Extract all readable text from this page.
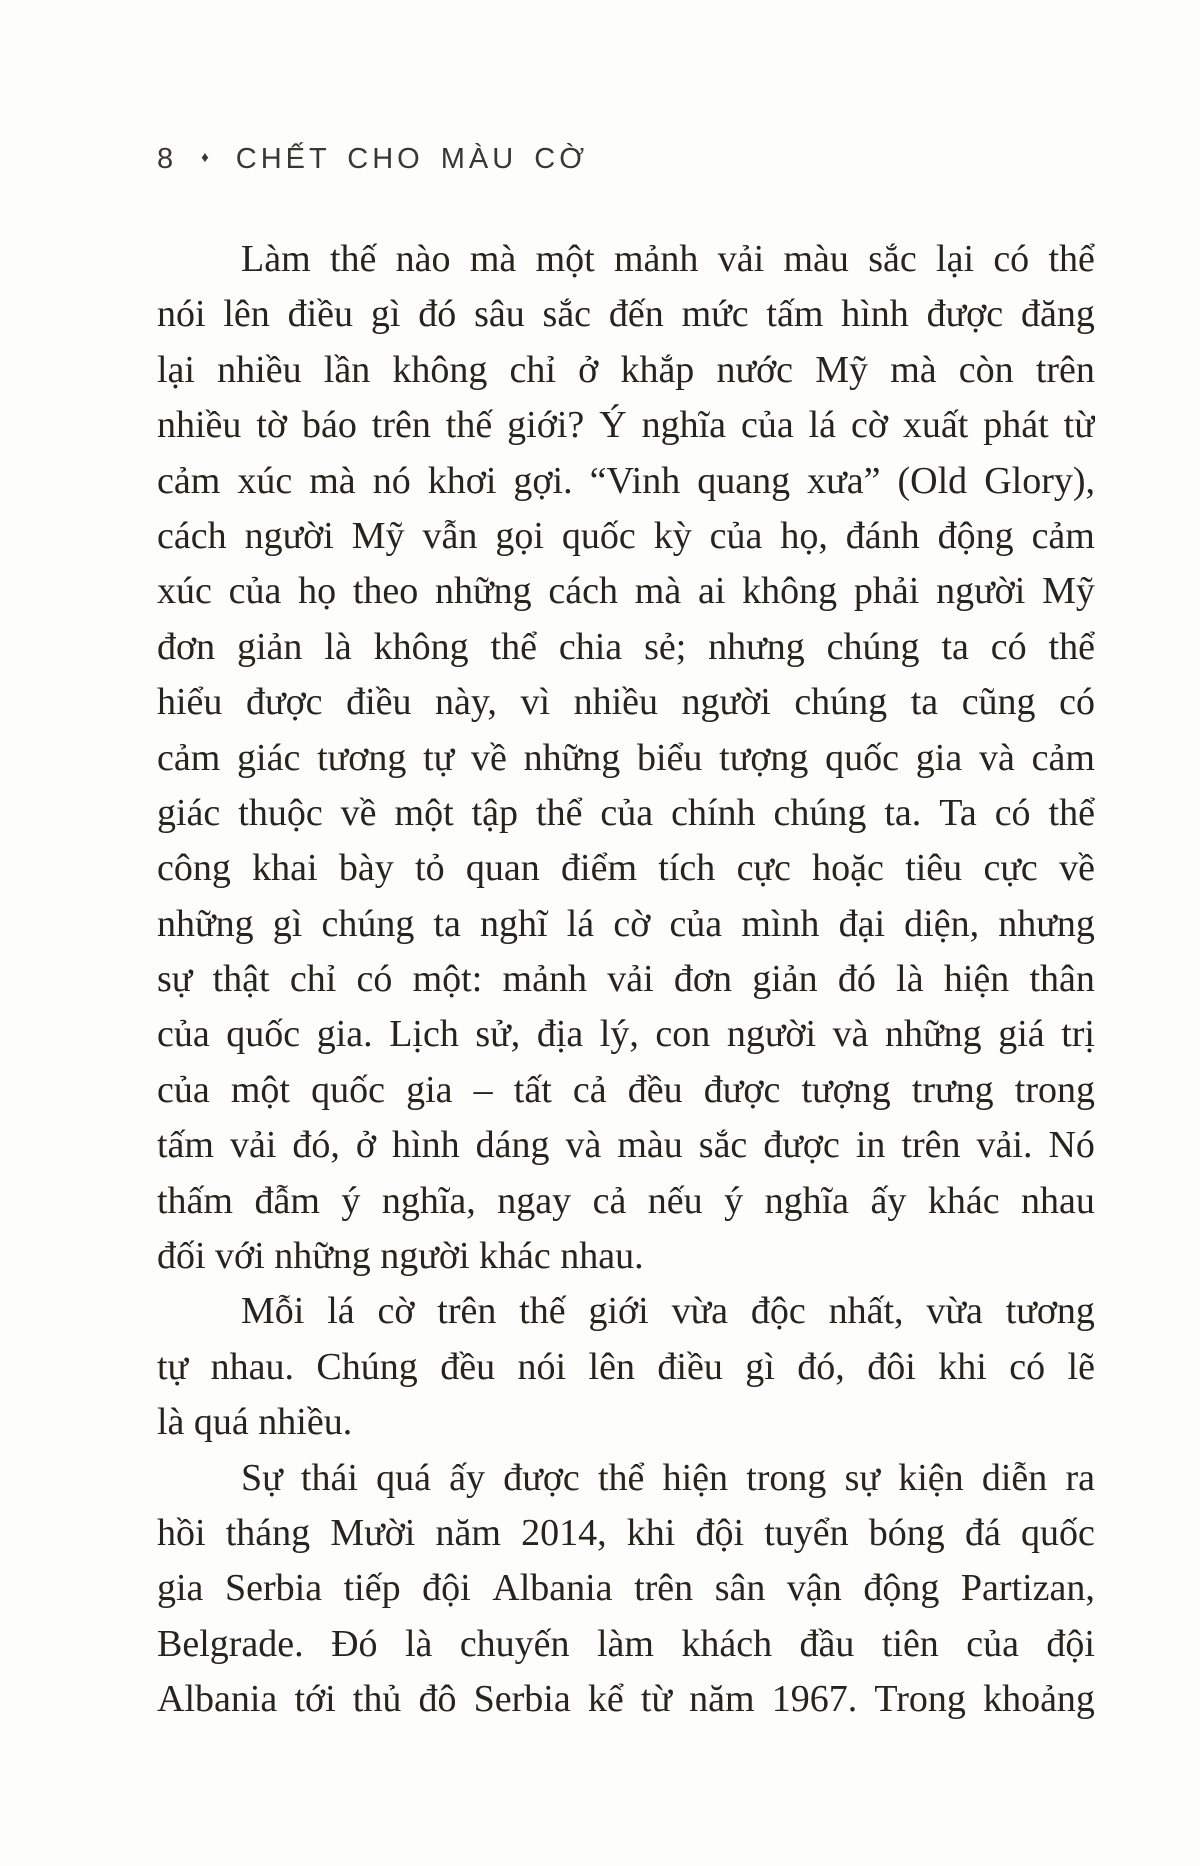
8 ♦ CHẾT CHO MÀU CỜ
Làm thế nào mà một mảnh vải màu sắc lại có thể
nói lên điều gì đó sâu sắc đến mức tấm hình được đăng
lại nhiều lần không chỉ ở khắp nước Mỹ mà còn trên
nhiều tờ báo trên thế giới? Ý nghĩa của lá cờ xuất phát từ
cảm xúc mà nó khơi gợi. “Vinh quang xưa” (Old Glory),
cách người Mỹ vẫn gọi quốc kỳ của họ, đánh động cảm
xúc của họ theo những cách mà ai không phải người Mỹ
đơn giản là không thể chia sẻ; nhưng chúng ta có thể
hiểu được điều này, vì nhiều người chúng ta cũng có
cảm giác tương tự về những biểu tượng quốc gia và cảm
giác thuộc về một tập thể của chính chúng ta. Ta có thể
công khai bày tỏ quan điểm tích cực hoặc tiêu cực về
những gì chúng ta nghĩ lá cờ của mình đại diện, nhưng
sự thật chỉ có một: mảnh vải đơn giản đó là hiện thân
của quốc gia. Lịch sử, địa lý, con người và những giá trị
của một quốc gia – tất cả đều được tượng trưng trong
tấm vải đó, ở hình dáng và màu sắc được in trên vải. Nó
thấm đẫm ý nghĩa, ngay cả nếu ý nghĩa ấy khác nhau
đối với những người khác nhau.
Mỗi lá cờ trên thế giới vừa độc nhất, vừa tương
tự nhau. Chúng đều nói lên điều gì đó, đôi khi có lẽ
là quá nhiều.
Sự thái quá ấy được thể hiện trong sự kiện diễn ra
hồi tháng Mười năm 2014, khi đội tuyển bóng đá quốc
gia Serbia tiếp đội Albania trên sân vận động Partizan,
Belgrade. Đó là chuyến làm khách đầu tiên của đội
Albania tới thủ đô Serbia kể từ năm 1967. Trong khoảng
